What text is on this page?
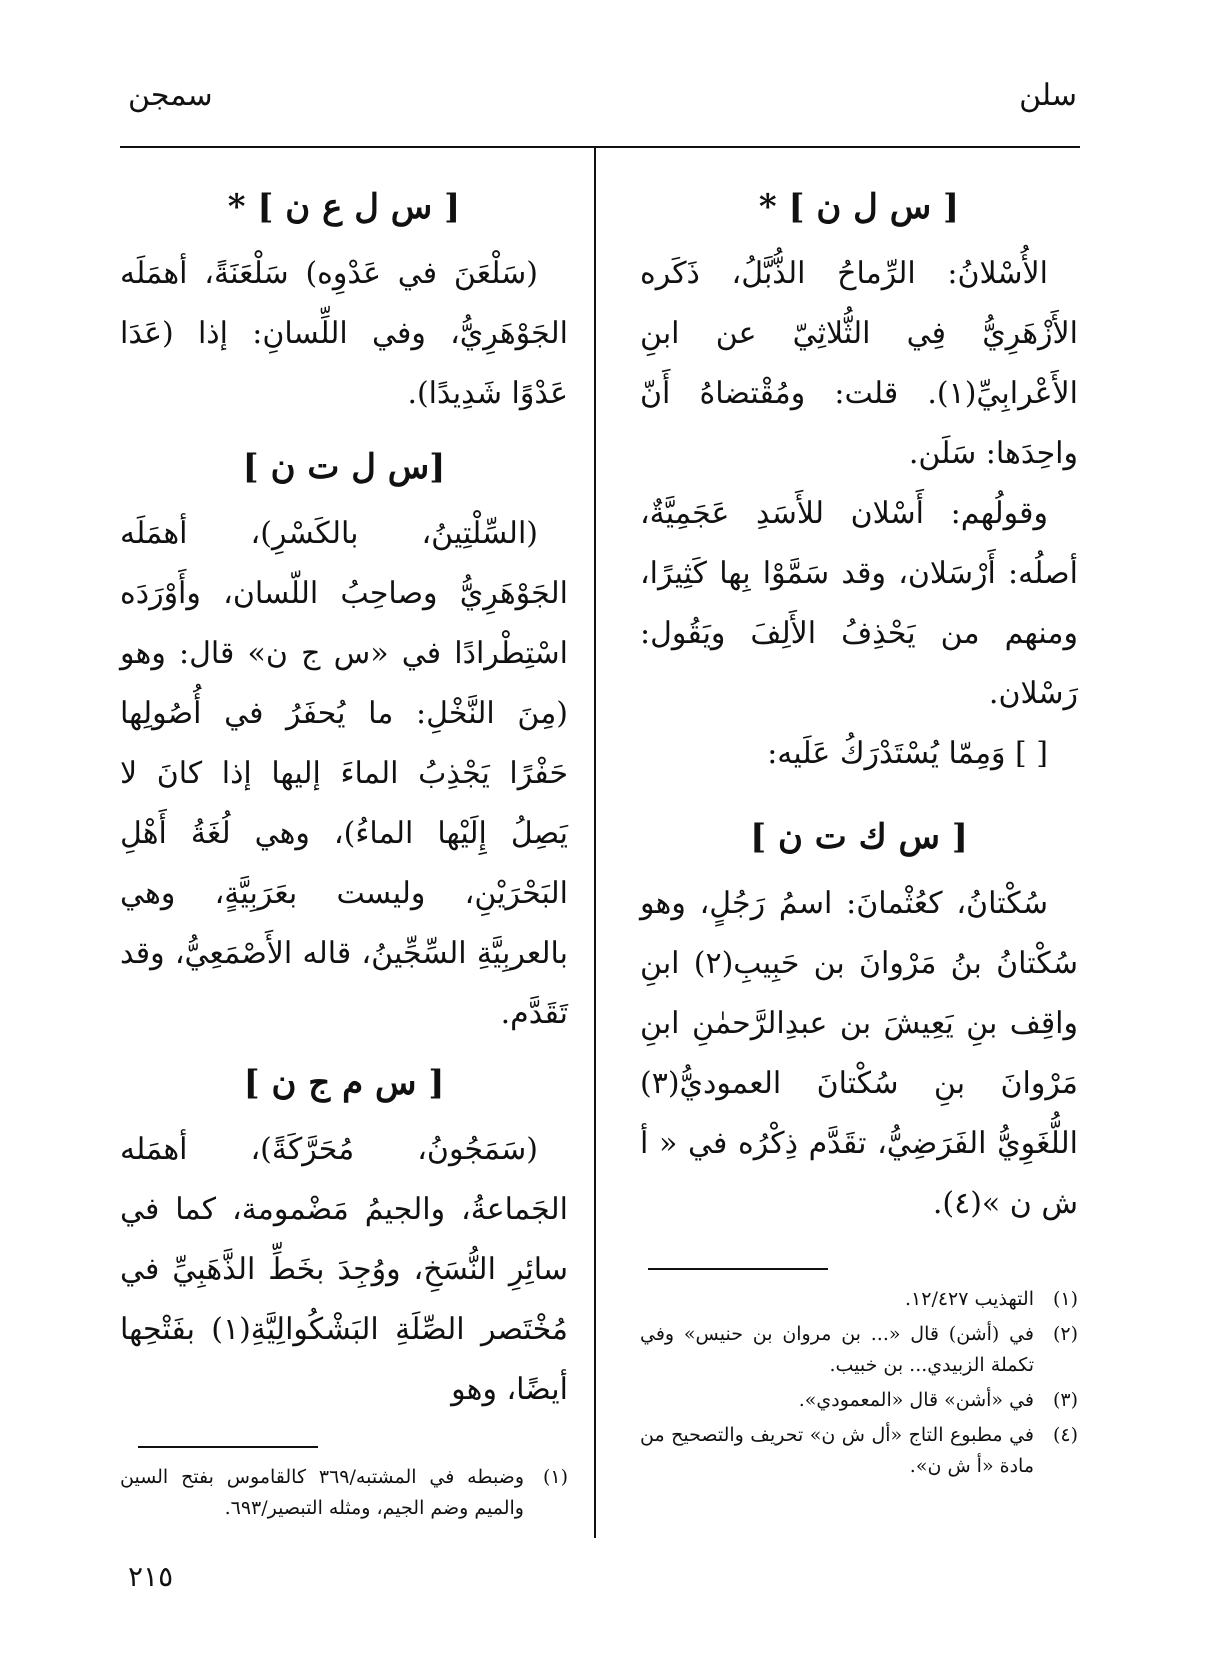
سلن
سمجن
[ س ل ن ] *

الأُسْلانُ: الرِّماحُ الذُّبَّلُ، ذَكَره الأَزْهَرِيُّ فِي الثُّلاثِيّ عن ابنِ الأَعْرابِيِّ(١). قلت: ومُقْتضاهُ أَنّ واحِدَها: سَلَن.

وقولُهم: أَسْلان للأَسَدِ عَجَمِيَّةٌ، أصلُه: أَرْسَلان، وقد سَمَّوْا بِها كَثِيرًا، ومنهم من يَحْذِفُ الأَلِفَ ويَقُول: رَسْلان.

[ ] وَمِمّا يُسْتَدْرَكُ عَلَيه:

[ س ك ت ن ]

سُكْتانُ، كعُثْمانَ: اسمُ رَجُلٍ، وهو سُكْتانُ بنُ مَرْوانَ بن حَبِيبِ(٢) ابنِ واقِف بنِ يَعِيشَ بن عبدِالرَّحمٰنِ ابنِ مَرْوانَ بنِ سُكْتانَ العموديُّ(٣) اللُّغَوِيُّ الفَرَضِيُّ، تقَدَّم ذِكْرُه في « أ ش ن »(٤).

(١)
التهذيب ١٢/٤٢٧.
(٢)
في (أشن) قال «... بن مروان بن حنيس» وفي تكملة الزبيدي... بن خبيب.
(٣)
في «أشن» قال «المعمودي».
(٤)
في مطبوع التاج «أل ش ن» تحريف والتصحيح من مادة «أ ش ن».
[ س ل ع ن ] *

(سَلْعَنَ في عَدْوِه) سَلْعَنَةً، أهمَلَه الجَوْهَرِيُّ، وفي اللِّسانِ: إذا (عَدَا عَدْوًا شَدِيدًا).

[س ل ت ن ]

(السِّلْتِينُ، بالكَسْرِ)، أهمَلَه الجَوْهَرِيُّ وصاحِبُ اللّسان، وأَوْرَدَه اسْتِطْرادًا في «س ج ن» قال: وهو (مِنَ النَّخْلِ: ما يُحفَرُ في أُصُولِها حَفْرًا يَجْذِبُ الماءَ إليها إذا كانَ لا يَصِلُ إِلَيْها الماءُ)، وهي لُغَةُ أَهْلِ البَحْرَيْنِ، وليست بعَرَبِيَّةٍ، وهي بالعربِيَّةِ السِّجِّينُ، قاله الأَصْمَعِيُّ، وقد تَقَدَّم.

[ س م ج ن ]

(سَمَجُونُ، مُحَرَّكَةً)، أهمَله الجَماعةُ، والجيمُ مَضْمومة، كما في سائِرِ النُّسَخِ، ووُجِدَ بخَطِّ الذَّهَبِيِّ في مُخْتَصر الصِّلَةِ البَشْكُوالِيَّةِ(١) بفَتْحِها أيضًا، وهو

(١)
وضبطه في المشتبه/٣٦٩ كالقاموس بفتح السين والميم وضم الجيم، ومثله التبصير/٦٩٣.
٢١٥
